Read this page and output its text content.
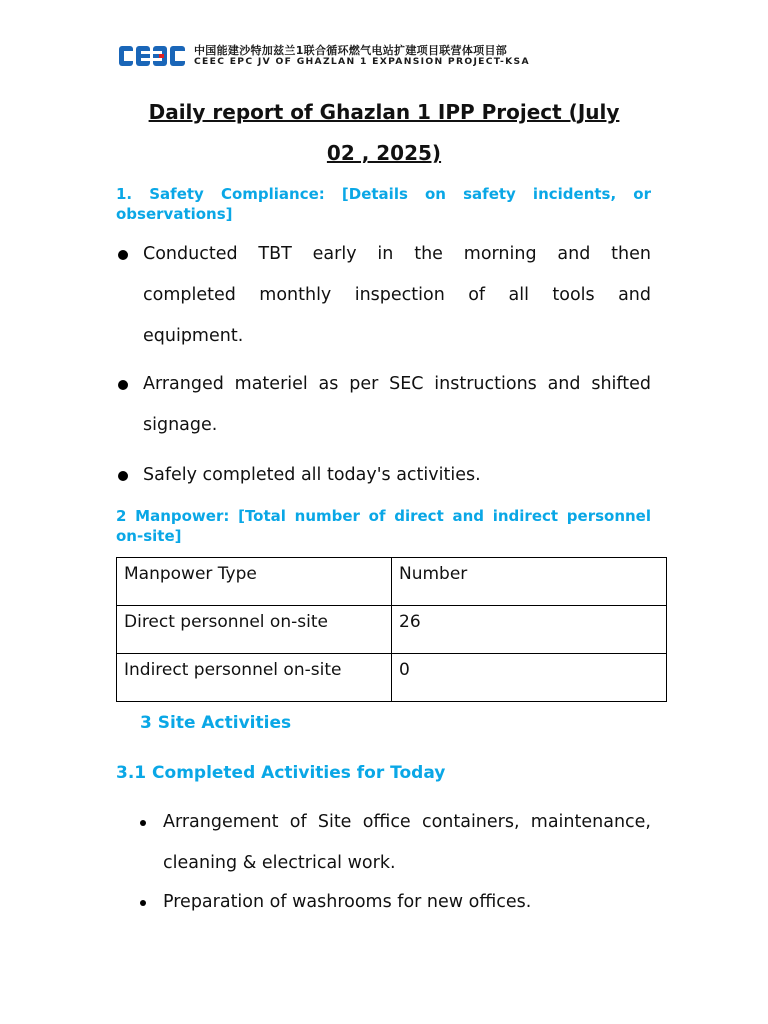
中国能建沙特加兹兰1联合循环燃气电站扩建项目联营体项目部
CEEC EPC JV OF GHAZLAN 1 EXPANSION PROJECT-KSA
Daily report of Ghazlan 1 IPP Project (July
02 , 2025)
1. Safety Compliance: [Details on safety incidents, or
observations]
Conducted TBT early in the morning and then
completed monthly inspection of all tools and
equipment.
Arranged materiel as per SEC instructions and shifted
signage.
Safely completed all today's activities.
2 Manpower: [Total number of direct and indirect personnel
on-site]
Manpower Type	Number
Direct personnel on-site	26
Indirect personnel on-site	0
3 Site Activities
3.1 Completed Activities for Today
Arrangement of Site office containers, maintenance,
cleaning & electrical work.
Preparation of washrooms for new offices.
